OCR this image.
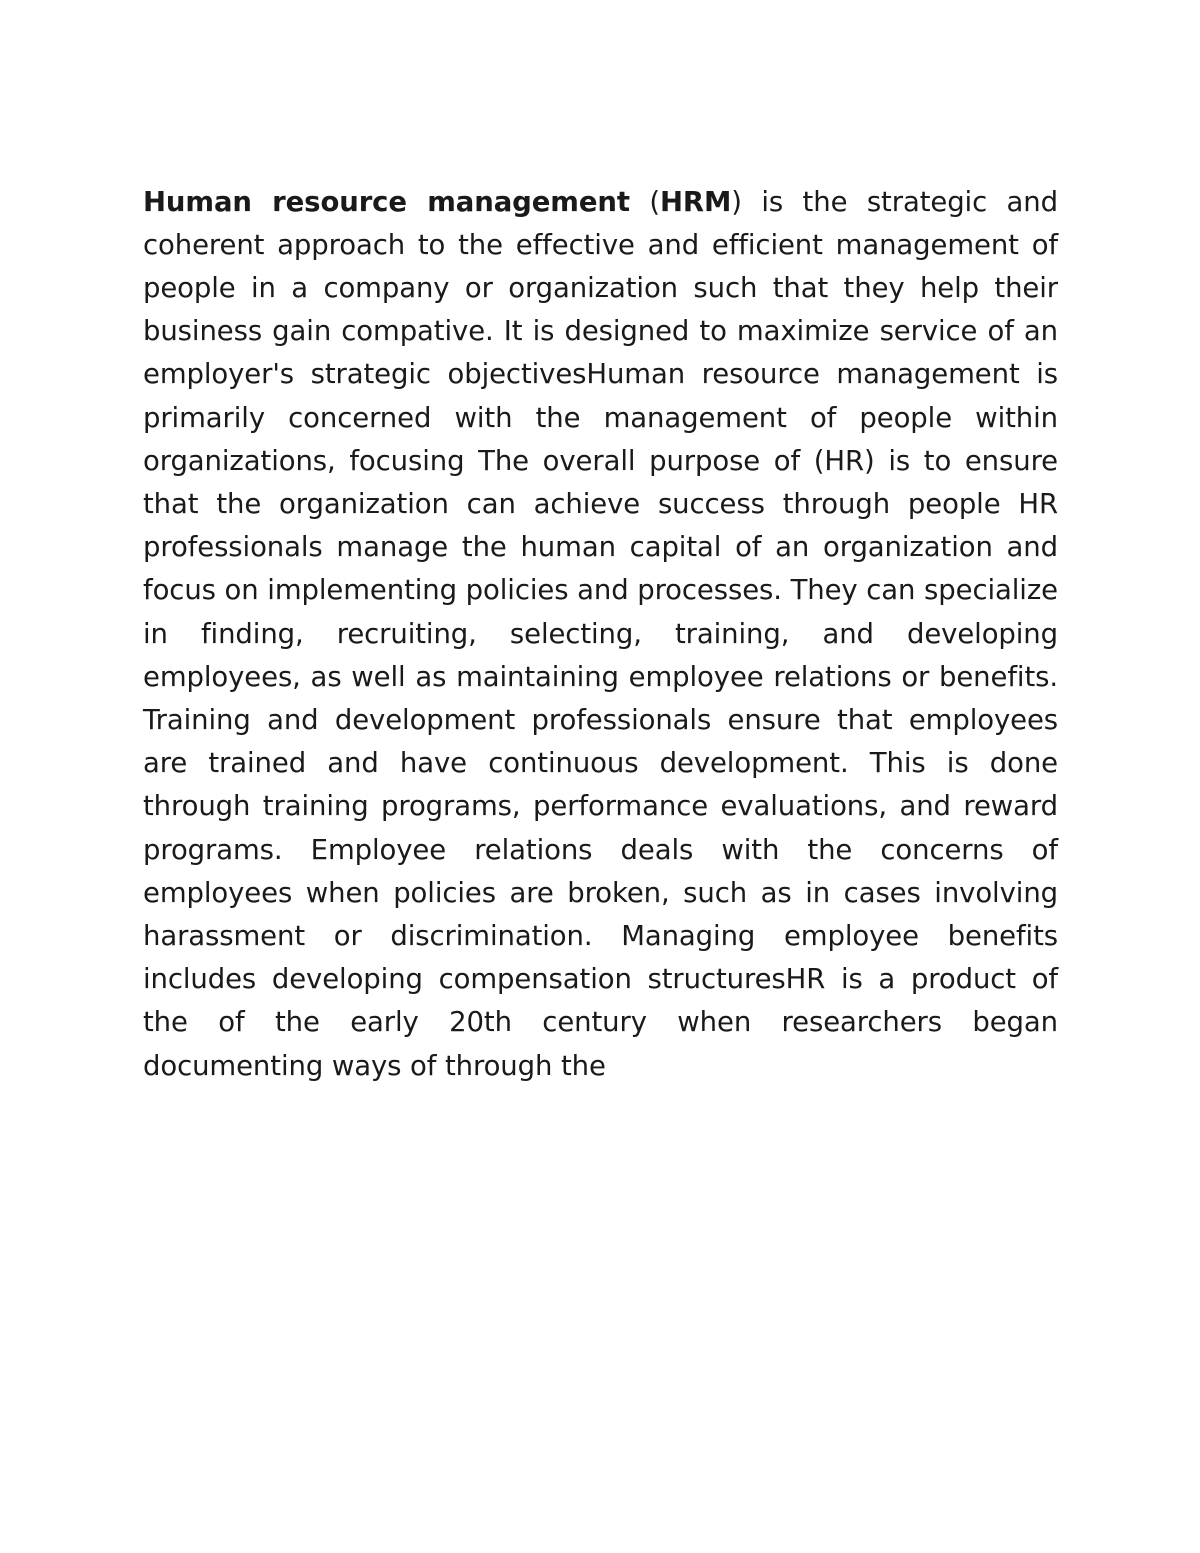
Human resource management (HRM) is the strategic and coherent approach to the effective and efficient management of people in a company or organization such that they help their business gain compative. It is designed to maximize service of an employer's strategic objectivesHuman resource management is primarily concerned with the management of people within organizations, focusing The overall purpose of (HR) is to ensure that the organization can achieve success through people HR professionals manage the human capital of an organization and focus on implementing policies and processes. They can specialize in finding, recruiting, selecting, training, and developing employees, as well as maintaining employee relations or benefits. Training and development professionals ensure that employees are trained and have continuous development. This is done through training programs, performance evaluations, and reward programs. Employee relations deals with the concerns of employees when policies are broken, such as in cases involving harassment or discrimination. Managing employee benefits includes developing compensation structuresHR is a product of the of the early 20th century when researchers began documenting ways of through the
